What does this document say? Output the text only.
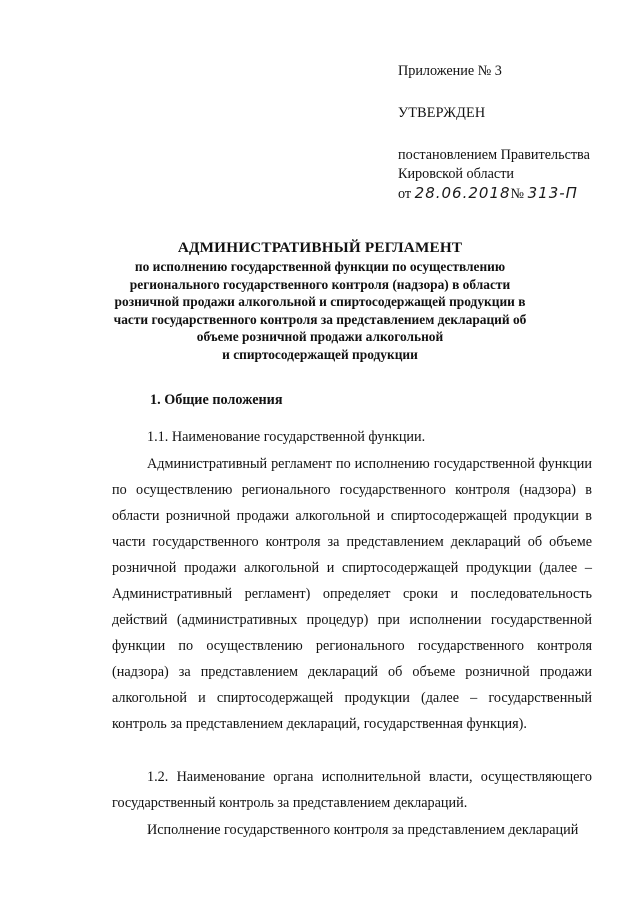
Приложение № 3
УТВЕРЖДЕН
постановлением Правительства
Кировской области
от 28.06.2018№ 313-П
АДМИНИСТРАТИВНЫЙ РЕГЛАМЕНТ

по исполнению государственной функции по осуществлению

регионального государственного контроля (надзора) в области

розничной продажи алкогольной и спиртосодержащей продукции в

части государственного контроля за представлением деклараций об

объеме розничной продажи алкогольной

и спиртосодержащей продукции

1. Общие положения
1.1. Наименование государственной функции.
Административный регламент по исполнению государственной функции по осуществлению регионального государственного контроля (надзора) в области розничной продажи алкогольной и спиртосодержащей продукции в части государственного контроля за представлением деклараций об объеме розничной продажи алкогольной и спиртосодержащей продукции (далее – Административный регламент) определяет сроки и последовательность действий (административных процедур) при исполнении государственной функции по осуществлению регионального государственного контроля (надзора) за представлением деклараций об объеме розничной продажи алкогольной и спиртосодержащей продукции (далее – государственный контроль за представлением деклараций, государственная функция).
1.2. Наименование органа исполнительной власти, осуществляющего государственный контроль за представлением деклараций.
Исполнение государственного контроля за представлением деклараций
